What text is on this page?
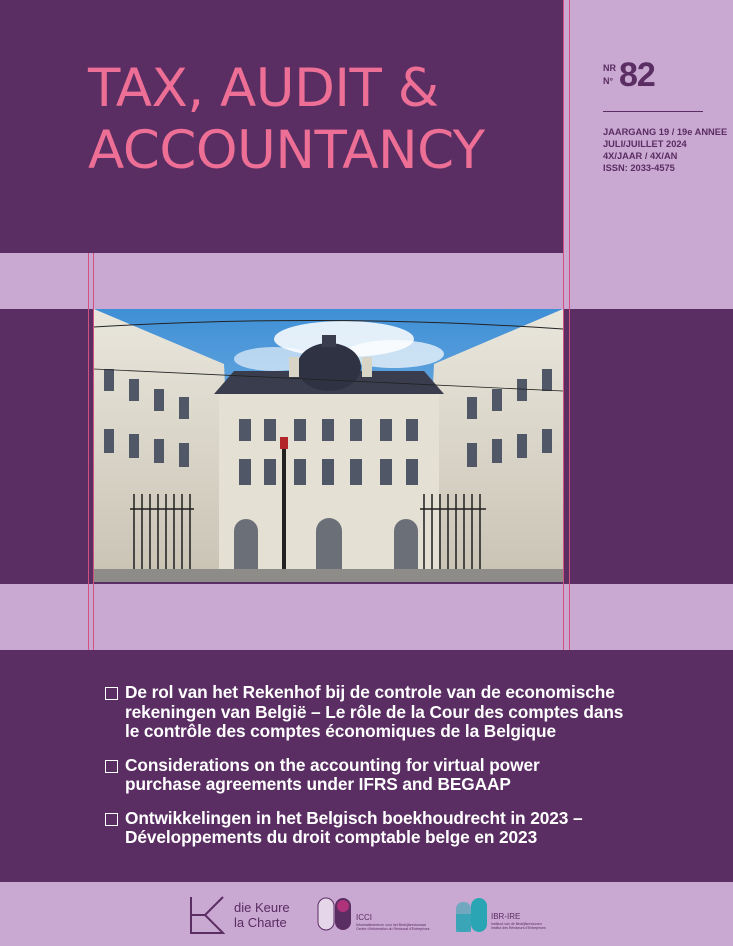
TAX, AUDIT &
ACCOUNTANCY
NR
N° 82
JAARGANG 19 / 19e ANNEE
JULI/JUILLET 2024
4X/JAAR / 4X/AN
ISSN: 2033-4575
De rol van het Rekenhof bij de controle van de economische
rekeningen van België – Le rôle de la Cour des comptes dans
le contrôle des comptes économiques de la Belgique
Considerations on the accounting for virtual power
purchase agreements under IFRS and BEGAAP
Ontwikkelingen in het Belgisch boekhoudrecht in 2023 –
Développements du droit comptable belge en 2023
die Keure
la Charte	ICCI
Informatiecentrum voor het Bedrijfsrevisoraat
Centre d'Information du Révisorat d'Entreprises
IBR-IRE
Instituut van de Bedrijfsrevisoren
Institut des Réviseurs d'Entreprises
